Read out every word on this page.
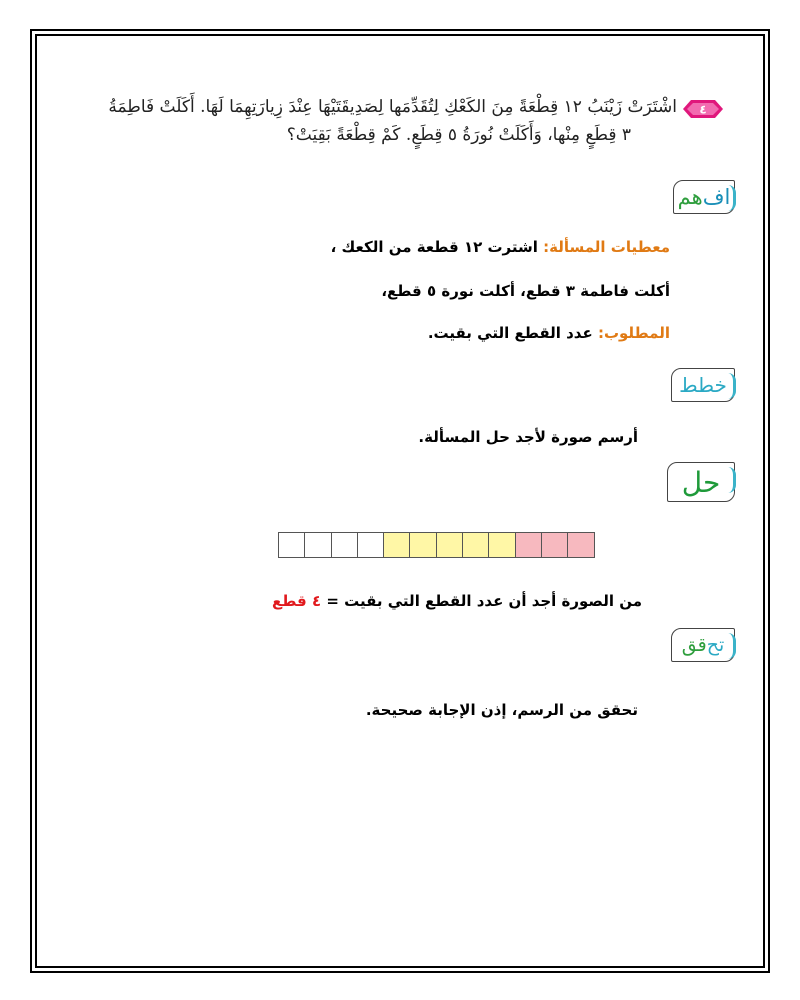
٤
اشْتَرَتْ زَيْنَبُ ١٢ قِطْعَةً مِنَ الكَعْكِ لِتُقَدِّمَها لِصَدِيقَتَيْهَا عِنْدَ زِيارَتِهِمَا لَهَا. أَكَلَتْ فَاطِمَةُ
٣ قِطَعٍ مِنْها، وَأَكَلَتْ نُورَةُ ٥ قِطَعٍ. كَمْ قِطْعَةً بَقِيَتْ؟
اف
هم
معطيات المسألة: اشترت ١٢ قطعة من الكعك ،
أكلت فاطمة ٣ قطع، أكلت نورة ٥ قطع،
المطلوب: عدد القطع التي بقيت.
خطط
أرسم صورة لأجد حل المسألة.
حل
من الصورة أجد أن عدد القطع التي بقيت = ٤ قطع
تح
قق
تحقق من الرسم، إذن الإجابة صحيحة.
